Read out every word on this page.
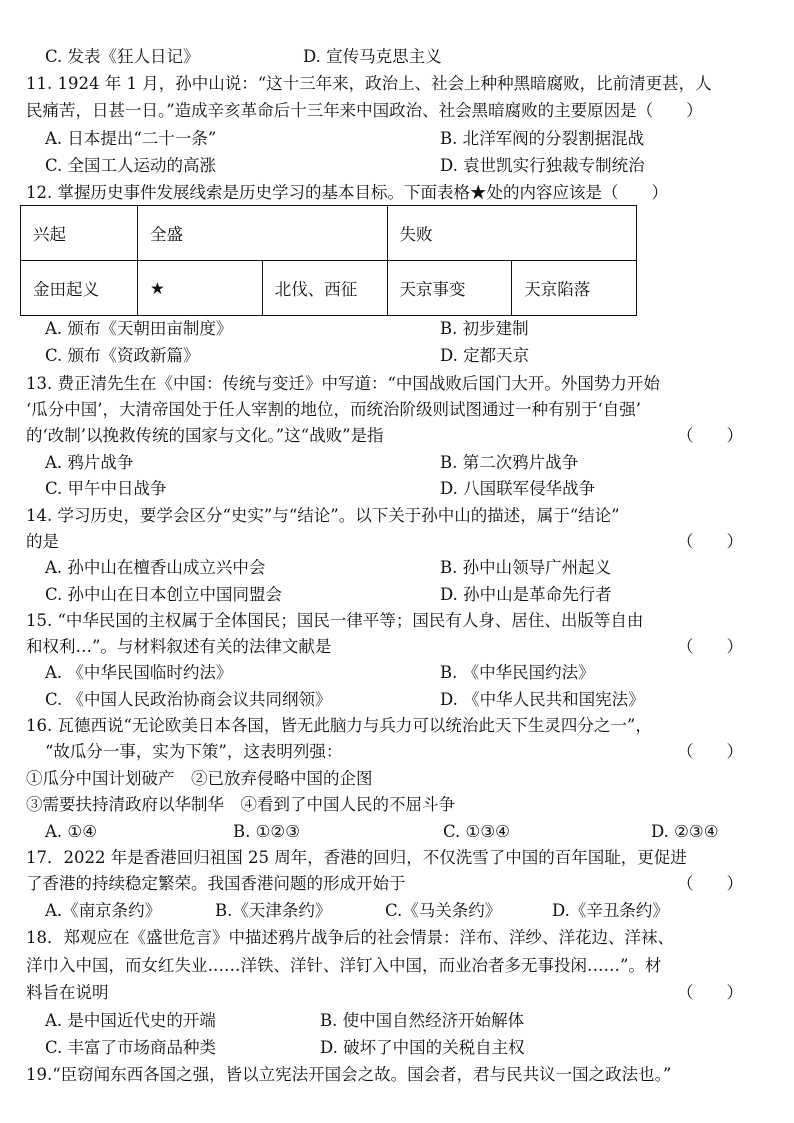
C. 发表《狂人日记》	D. 宣传马克思主义
11. 1924 年 1 月，孙中山说：“这十三年来，政治上、社会上种种黑暗腐败，比前清更甚，人
民痛苦，日甚一日。”造成辛亥革命后十三年来中国政治、社会黑暗腐败的主要原因是（　　）
A. 日本提出“二十一条”	B. 北洋军阀的分裂割据混战
C. 全国工人运动的高涨	D. 袁世凯实行独裁专制统治
12. 掌握历史事件发展线索是历史学习的基本目标。下面表格★处的内容应该是（　　）
兴起	全盛		失败	
金田起义	★	北伐、西征	天京事变	天京陷落
A. 颁布《天朝田亩制度》	B. 初步建制
C. 颁布《资政新篇》	D. 定都天京
13. 费正清先生在《中国：传统与变迁》中写道：“中国战败后国门大开。外国势力开始
‘瓜分中国’，大清帝国处于任人宰割的地位，而统治阶级则试图通过一种有别于‘自强’
的‘改制’以挽救传统的国家与文化。”这“战败”是指	（　　）
A. 鸦片战争	B. 第二次鸦片战争
C. 甲午中日战争	D. 八国联军侵华战争
14. 学习历史，要学会区分“史实”与“结论”。以下关于孙中山的描述，属于“结论”
的是	（　　）
A. 孙中山在檀香山成立兴中会	B. 孙中山领导广州起义
C. 孙中山在日本创立中国同盟会	D. 孙中山是革命先行者
15. “中华民国的主权属于全体国民；国民一律平等；国民有人身、居住、出版等自由
和权利…”。与材料叙述有关的法律文献是	（　　）
A. 《中华民国临时约法》	B. 《中华民国约法》
C. 《中国人民政治协商会议共同纲领》	D. 《中华人民共和国宪法》
16. 瓦德西说“无论欧美日本各国，皆无此脑力与兵力可以统治此天下生灵四分之一”，
“故瓜分一事，实为下策”，这表明列强：	（　　）
①瓜分中国计划破产　②已放弃侵略中国的企图
③需要扶持清政府以华制华　④看到了中国人民的不屈斗争
A. ①④	B. ①②③	C. ①③④	D. ②③④
17．2022 年是香港回归祖国 25 周年，香港的回归，不仅洗雪了中国的百年国耻，更促进
了香港的持续稳定繁荣。我国香港问题的形成开始于	（　　）
A.《南京条约》	B.《天津条约》	C.《马关条约》	D.《辛丑条约》
18．郑观应在《盛世危言》中描述鸦片战争后的社会情景：洋布、洋纱、洋花边、洋袜、
洋巾入中国，而女红失业……洋铁、洋针、洋钉入中国，而业冶者多无事投闲……”。材
料旨在说明	（　　）
A. 是中国近代史的开端	B. 使中国自然经济开始解体
C. 丰富了市场商品种类	D. 破坏了中国的关税自主权
19.“臣窃闻东西各国之强，皆以立宪法开国会之故。国会者，君与民共议一国之政法也。”
